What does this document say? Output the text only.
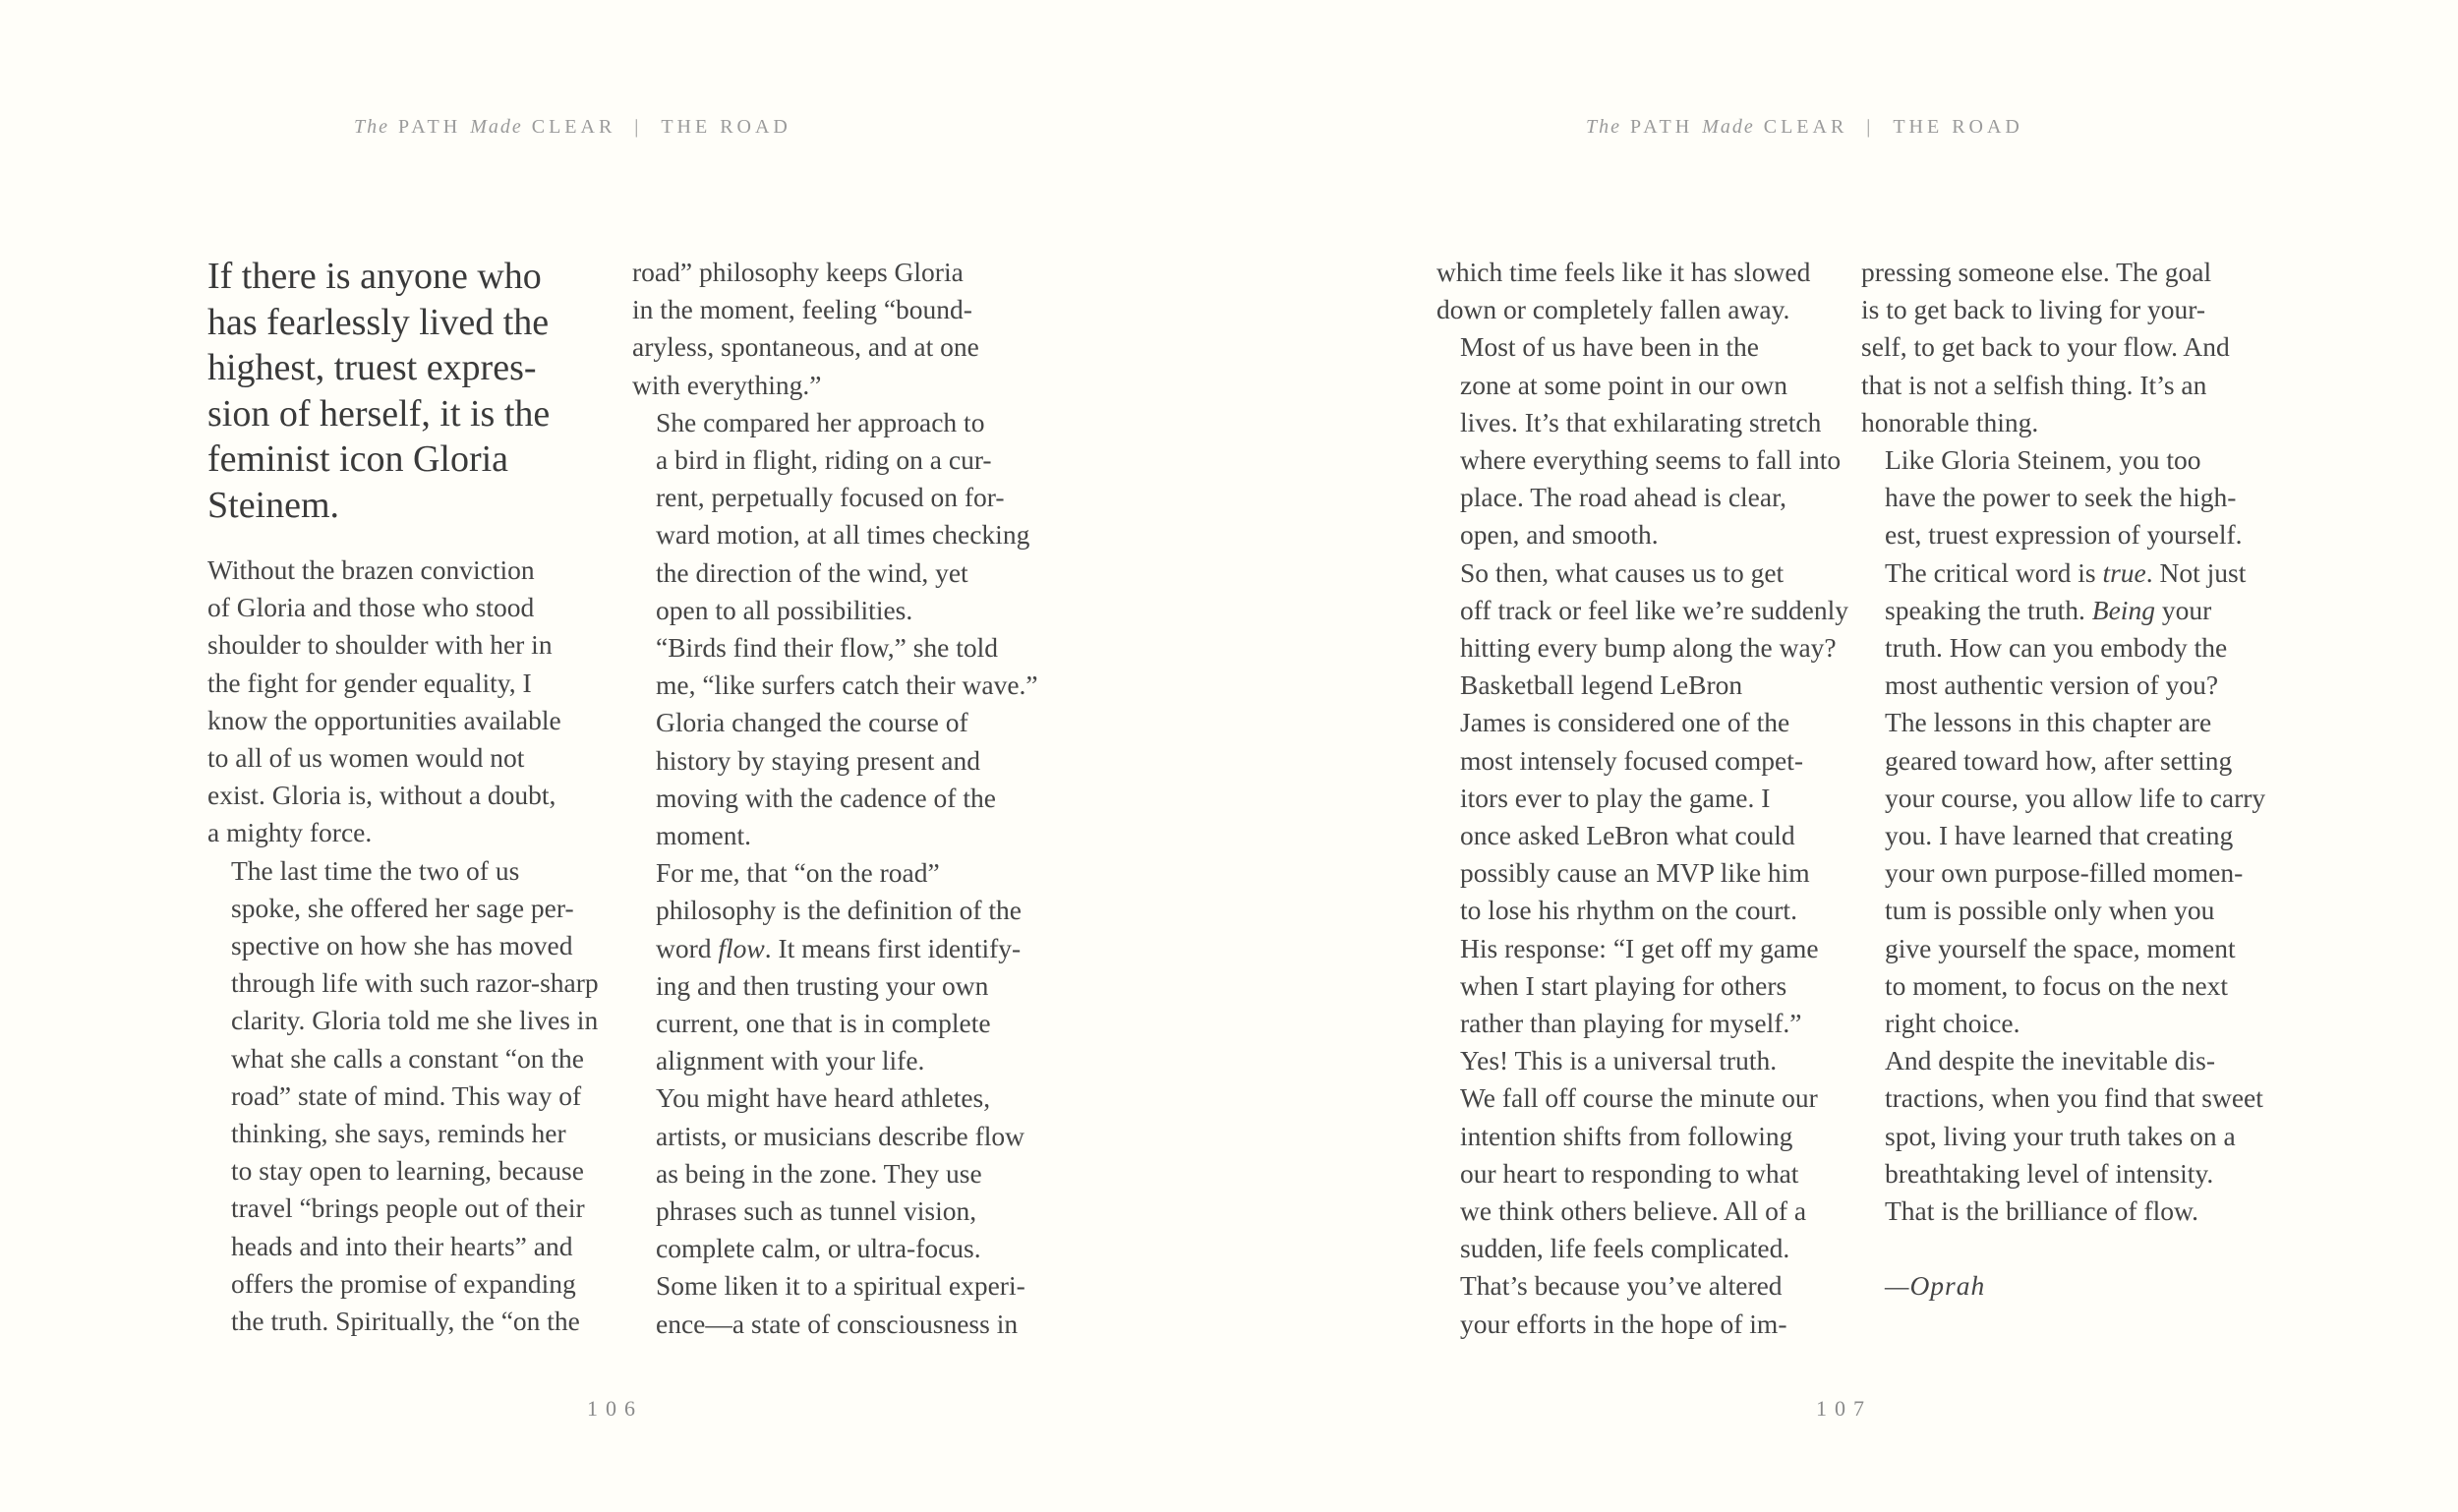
The PATH Made CLEAR | THE ROAD

If there is anyone who
has fearlessly lived the
highest, truest expres-
sion of herself, it is the
feminist icon Gloria
Steinem.

Without the brazen conviction
of Gloria and those who stood
shoulder to shoulder with her in
the fight for gender equality, I
know the opportunities available
to all of us women would not
exist. Gloria is, without a doubt,
a mighty force.

The last time the two of us
spoke, she offered her sage per-
spective on how she has moved
through life with such razor-sharp
clarity. Gloria told me she lives in
what she calls a constant “on the
road” state of mind. This way of
thinking, she says, reminds her
to stay open to learning, because
travel “brings people out of their
heads and into their hearts” and
offers the promise of expanding
the truth. Spiritually, the “on the

road” philosophy keeps Gloria
in the moment, feeling “bound-
aryless, spontaneous, and at one
with everything.”

She compared her approach to
a bird in flight, riding on a cur-
rent, perpetually focused on for-
ward motion, at all times checking
the direction of the wind, yet
open to all possibilities.

“Birds find their flow,” she told
me, “like surfers catch their wave.”

Gloria changed the course of
history by staying present and
moving with the cadence of the
moment.

For me, that “on the road”
philosophy is the definition of the
word flow. It means first identify-
ing and then trusting your own
current, one that is in complete
alignment with your life.

You might have heard athletes,
artists, or musicians describe flow
as being in the zone. They use
phrases such as tunnel vision,
complete calm, or ultra-focus.
Some liken it to a spiritual experi-
ence—a state of consciousness in

106
The PATH Made CLEAR | THE ROAD

which time feels like it has slowed
down or completely fallen away.

Most of us have been in the
zone at some point in our own
lives. It’s that exhilarating stretch
where everything seems to fall into
place. The road ahead is clear,
open, and smooth.

So then, what causes us to get
off track or feel like we’re suddenly
hitting every bump along the way?

Basketball legend LeBron
James is considered one of the
most intensely focused compet-
itors ever to play the game. I
once asked LeBron what could
possibly cause an MVP like him
to lose his rhythm on the court.
His response: “I get off my game
when I start playing for others
rather than playing for myself.”

Yes! This is a universal truth.
We fall off course the minute our
intention shifts from following
our heart to responding to what
we think others believe. All of a
sudden, life feels complicated.

That’s because you’ve altered
your efforts in the hope of im-

pressing someone else. The goal
is to get back to living for your-
self, to get back to your flow. And
that is not a selfish thing. It’s an
honorable thing.

Like Gloria Steinem, you too
have the power to seek the high-
est, truest expression of yourself.
The critical word is true. Not just
speaking the truth. Being your
truth. How can you embody the
most authentic version of you?

The lessons in this chapter are
geared toward how, after setting
your course, you allow life to carry
you. I have learned that creating
your own purpose-filled momen-
tum is possible only when you
give yourself the space, moment
to moment, to focus on the next
right choice.

And despite the inevitable dis-
tractions, when you find that sweet
spot, living your truth takes on a
breathtaking level of intensity.

That is the brilliance of flow.

—Oprah

107
